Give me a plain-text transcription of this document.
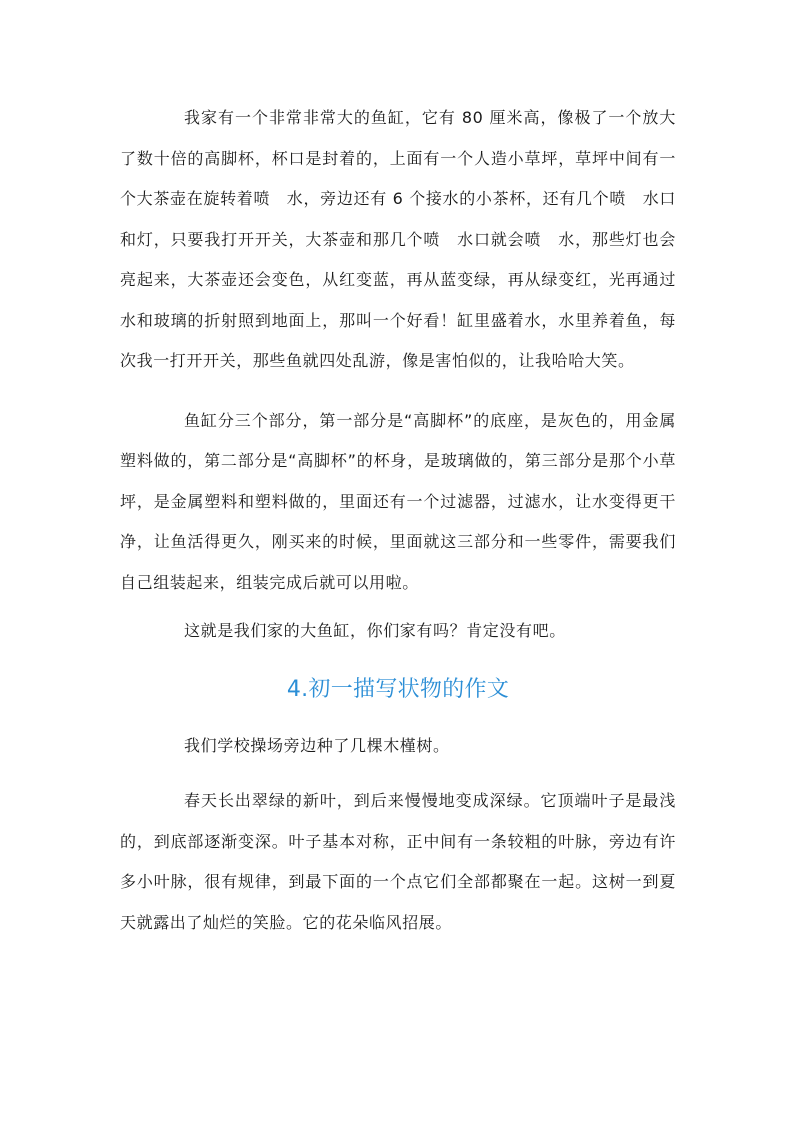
我家有一个非常非常大的鱼缸，它有 80 厘米高，像极了一个放大了数十倍的高脚杯，杯口是封着的，上面有一个人造小草坪，草坪中间有一个大茶壶在旋转着喷　水，旁边还有 6 个接水的小茶杯，还有几个喷　水口和灯，只要我打开开关，大茶壶和那几个喷　水口就会喷　水，那些灯也会亮起来，大茶壶还会变色，从红变蓝，再从蓝变绿，再从绿变红，光再通过水和玻璃的折射照到地面上，那叫一个好看！缸里盛着水，水里养着鱼，每次我一打开开关，那些鱼就四处乱游，像是害怕似的，让我哈哈大笑。

鱼缸分三个部分，第一部分是“高脚杯”的底座，是灰色的，用金属塑料做的，第二部分是“高脚杯”的杯身，是玻璃做的，第三部分是那个小草坪，是金属塑料和塑料做的，里面还有一个过滤器，过滤水，让水变得更干净，让鱼活得更久，刚买来的时候，里面就这三部分和一些零件，需要我们自己组装起来，组装完成后就可以用啦。

这就是我们家的大鱼缸，你们家有吗？肯定没有吧。

4.初一描写状物的作文

我们学校操场旁边种了几棵木槿树。

春天长出翠绿的新叶，到后来慢慢地变成深绿。它顶端叶子是最浅的，到底部逐渐变深。叶子基本对称，正中间有一条较粗的叶脉，旁边有许多小叶脉，很有规律，到最下面的一个点它们全部都聚在一起。这树一到夏天就露出了灿烂的笑脸。它的花朵临风招展。
